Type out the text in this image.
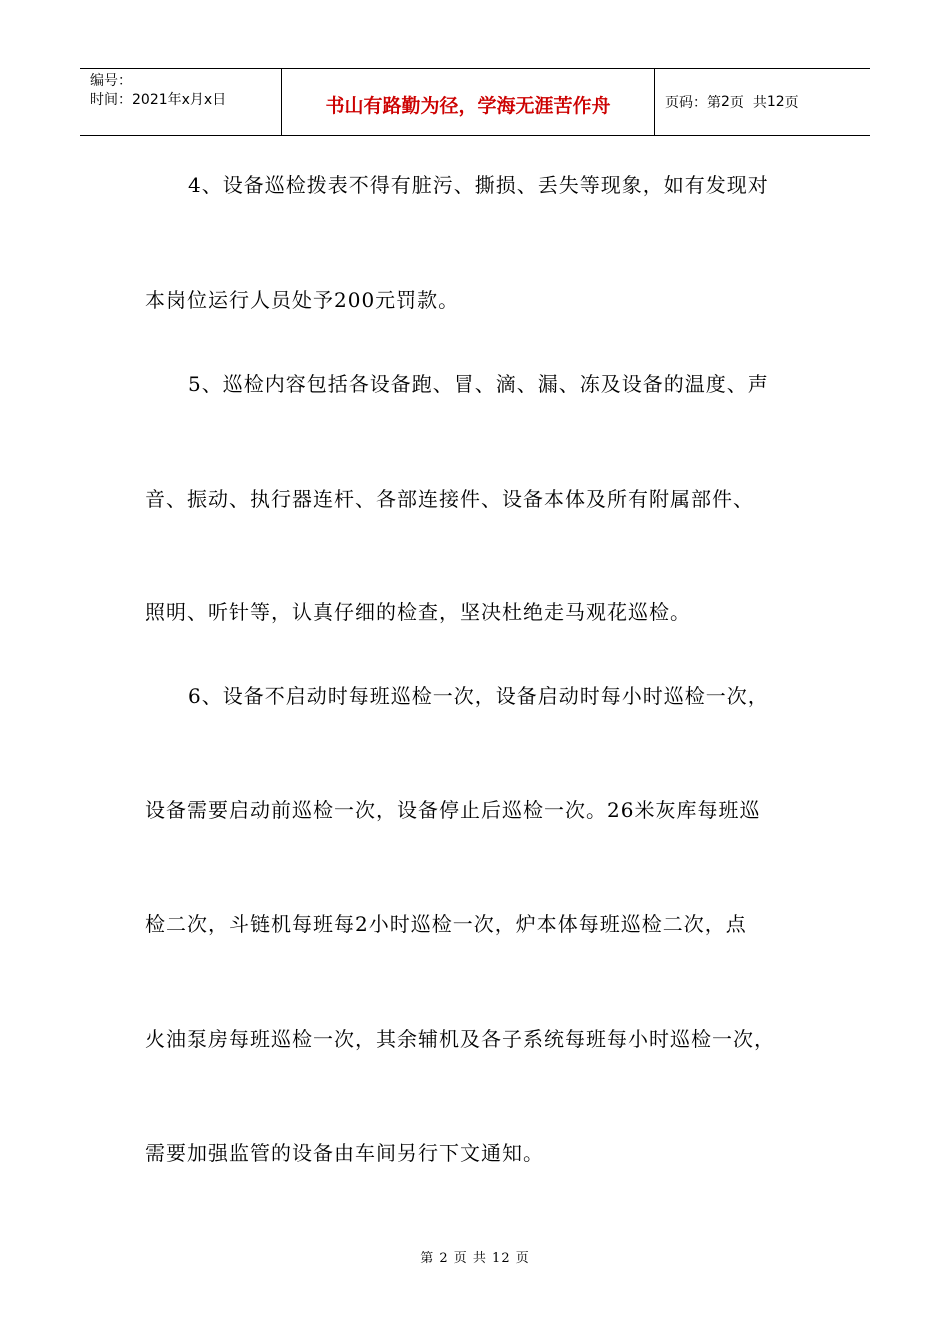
编号：
时间：2021年x月x日	书山有路勤为径，学海无涯苦作舟	页码：第 2 页  共 12 页
4、设备巡检拨表不得有脏污、撕损、丢失等现象，如有发现对
本岗位运行人员处予200元罚款。
5、巡检内容包括各设备跑、冒、滴、漏、冻及设备的温度、声
音、振动、执行器连杆、各部连接件、设备本体及所有附属部件、
照明、听针等，认真仔细的检查，坚决杜绝走马观花巡检。
6、设备不启动时每班巡检一次，设备启动时每小时巡检一次，
设备需要启动前巡检一次，设备停止后巡检一次。26米灰库每班巡
检二次，斗链机每班每2小时巡检一次，炉本体每班巡检二次，点
火油泵房每班巡检一次，其余辅机及各子系统每班每小时巡检一次，
需要加强监管的设备由车间另行下文通知。
第 2 页 共 12 页
